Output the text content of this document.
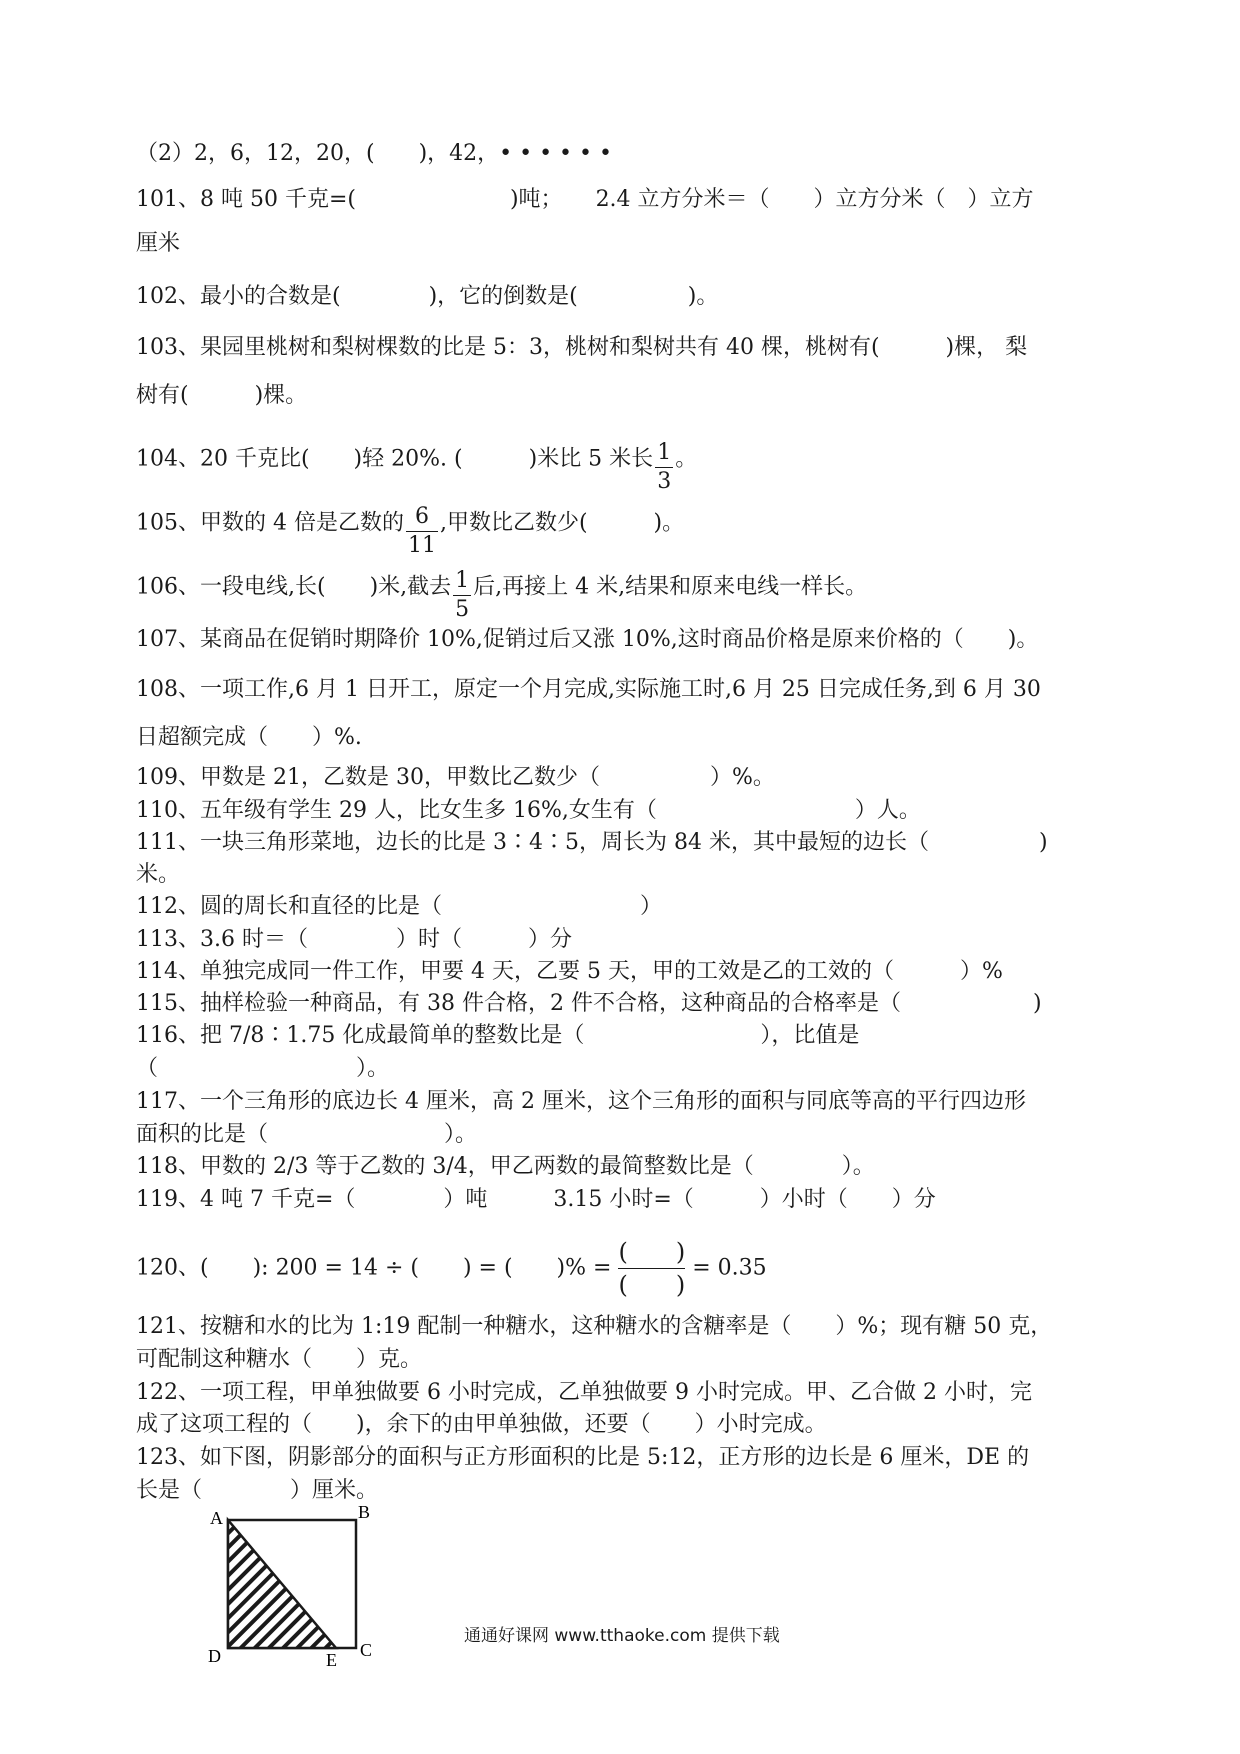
（2）2，6，12，20，(　　)，42，• • • • • •
101、8 吨 50 千克=(　　　　　　　)吨；　　2.4 立方分米＝（　　）立方分米（　）立方
厘米
102、最小的合数是(　　　　)，它的倒数是(　　　　　)。
103、果园里桃树和梨树棵数的比是 5：3，桃树和梨树共有 40 棵，桃树有(　　　)棵， 梨
树有(　　　)棵。
104、20 千克比(　　)轻 20%. (　　　)米比 5 米长 $\frac{1}{3}$ 。
105、甲数的 4 倍是乙数的 $\frac{6}{11}$ ,甲数比乙数少(　　　)。
106、一段电线,长(　　)米,截去 $\frac{1}{5}$ 后,再接上 4 米,结果和原来电线一样长。
107、某商品在促销时期降价 10%,促销过后又涨 10%,这时商品价格是原来价格的（　　)。
108、一项工作,6 月 1 日开工，原定一个月完成,实际施工时,6 月 25 日完成任务,到 6 月 30
日超额完成（　　）%.
109、甲数是 21，乙数是 30，甲数比乙数少（　　　　　）%。
110、五年级有学生 29 人，比女生多 16%,女生有（　　　　　　　　　）人。
111、一块三角形菜地，边长的比是 3∶4∶5，周长为 84 米，其中最短的边长（　　　　　)
米。
112、圆的周长和直径的比是（　　　　　　　　　）
113、3.6 时＝（　　　　）时（　　　）分
114、单独完成同一件工作，甲要 4 天，乙要 5 天，甲的工效是乙的工效的（　　　）%
115、抽样检验一种商品，有 38 件合格，2 件不合格，这种商品的合格率是（　　　　　　)
116、把 7/8∶1.75 化成最简单的整数比是（　　　　　　　　），比值是
（　　　　　　　　　）。
117、一个三角形的底边长 4 厘米，高 2 厘米，这个三角形的面积与同底等高的平行四边形
面积的比是（　　　　　　　　）。
118、甲数的 2/3 等于乙数的 3/4，甲乙两数的最简整数比是（　　　　）。
119、4 吨 7 千克=（　　　　）吨　　　3.15 小时=（　　　）小时（　　）分
120、(　　): 200 = 14 ÷ (　　) = (　　)% = $\frac{( )}{( )} = 0.35$
121、按糖和水的比为 1:19 配制一种糖水，这种糖水的含糖率是（　　）%；现有糖 50 克，
可配制这种糖水（　　）克。
122、一项工程，甲单独做要 6 小时完成，乙单独做要 9 小时完成。甲、乙合做 2 小时，完
成了这项工程的（　　)，余下的由甲单独做，还要（　　）小时完成。
123、如下图，阴影部分的面积与正方形面积的比是 5:12，正方形的边长是 6 厘米，DE 的
长是（　　　　）厘米。
A	B
C
D	E
通通好课网 www.tthaoke.com 提供下载
